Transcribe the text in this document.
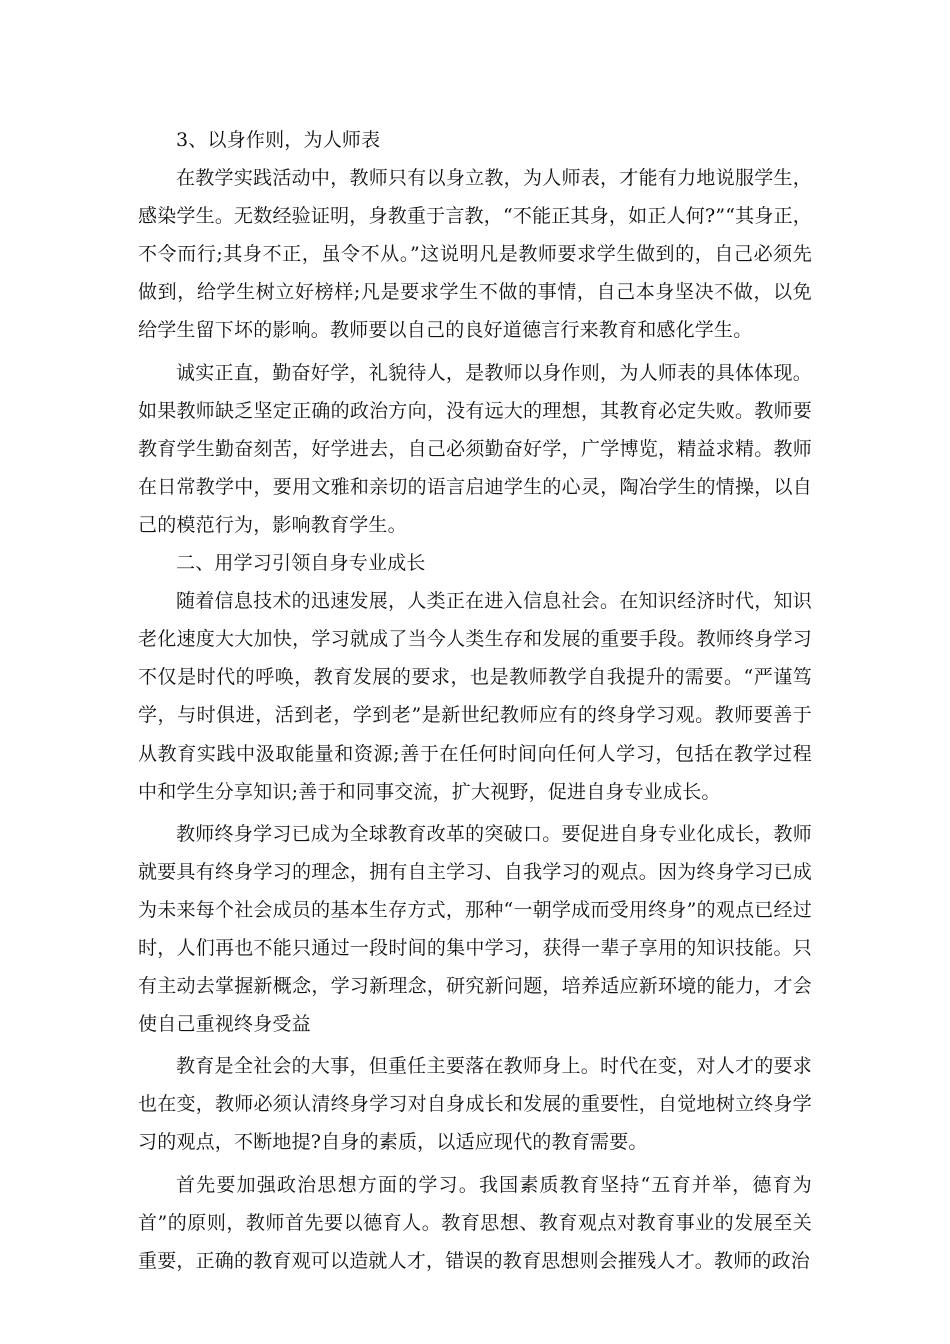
3、以身作则，为人师表

在教学实践活动中，教师只有以身立教，为人师表，才能有力地说服学生，感染学生。无数经验证明，身教重于言教，“不能正其身，如正人何?”“其身正，不令而行;其身不正，虽令不从。”这说明凡是教师要求学生做到的，自己必须先做到，给学生树立好榜样;凡是要求学生不做的事情，自己本身坚决不做，以免给学生留下坏的影响。教师要以自己的良好道德言行来教育和感化学生。

诚实正直，勤奋好学，礼貌待人，是教师以身作则，为人师表的具体体现。如果教师缺乏坚定正确的政治方向，没有远大的理想，其教育必定失败。教师要教育学生勤奋刻苦，好学进去，自己必须勤奋好学，广学博览，精益求精。教师在日常教学中，要用文雅和亲切的语言启迪学生的心灵，陶冶学生的情操，以自己的模范行为，影响教育学生。

二、用学习引领自身专业成长

随着信息技术的迅速发展，人类正在进入信息社会。在知识经济时代，知识老化速度大大加快，学习就成了当今人类生存和发展的重要手段。教师终身学习不仅是时代的呼唤，教育发展的要求，也是教师教学自我提升的需要。“严谨笃学，与时俱进，活到老，学到老”是新世纪教师应有的终身学习观。教师要善于从教育实践中汲取能量和资源;善于在任何时间向任何人学习，包括在教学过程中和学生分享知识;善于和同事交流，扩大视野，促进自身专业成长。

教师终身学习已成为全球教育改革的突破口。要促进自身专业化成长，教师就要具有终身学习的理念，拥有自主学习、自我学习的观点。因为终身学习已成为未来每个社会成员的基本生存方式，那种“一朝学成而受用终身”的观点已经过时，人们再也不能只通过一段时间的集中学习，获得一辈子享用的知识技能。只有主动去掌握新概念，学习新理念，研究新问题，培养适应新环境的能力，才会使自己重视终身受益

教育是全社会的大事，但重任主要落在教师身上。时代在变，对人才的要求也在变，教师必须认清终身学习对自身成长和发展的重要性，自觉地树立终身学习的观点，不断地提?自身的素质，以适应现代的教育需要。

首先要加强政治思想方面的学习。我国素质教育坚持“五育并举，德育为首”的原则，教师首先要以德育人。教育思想、教育观点对教育事业的发展至关重要，正确的教育观可以造就人才，错误的教育思想则会摧残人才。教师的政治
